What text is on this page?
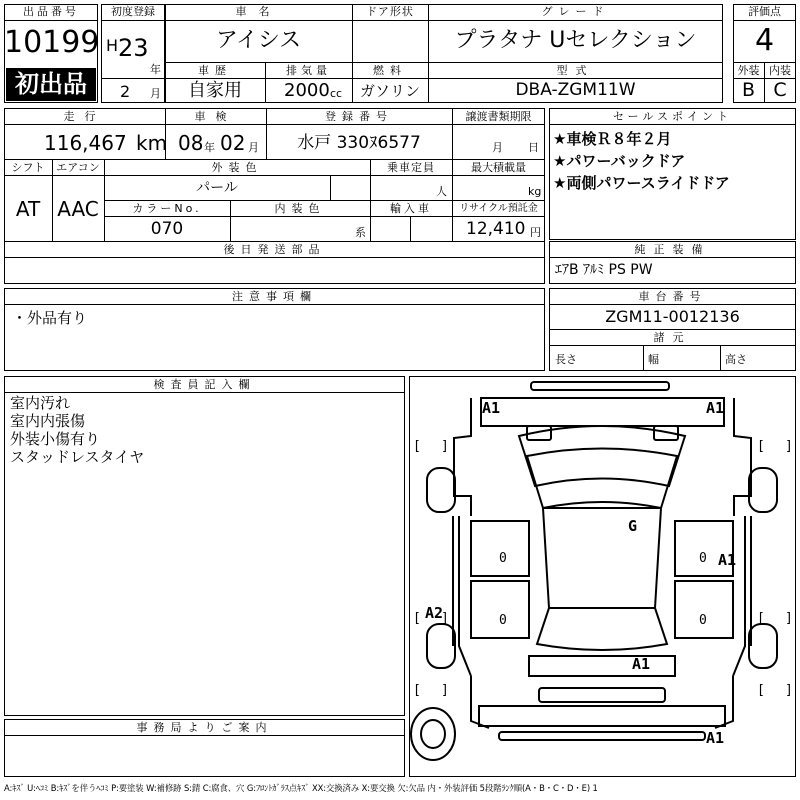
出品番号
10199
初出品
初度登録
H 23
年
2 月
車名
アイシス
ドア形状	グレード
プラタナ Uセレクション
車歴
自家用
排気量
2000 cc
燃料
ガソリン
型式
DBA-ZGM11W
評価点
4
外装 内装
B C
走行
116,467 km
車検
08 年 02 月
登録番号
水戸 330ﾇ6577
譲渡書類期限
月 日
シフト
AT
エアコン
AAC
外装色
パール
乗車定員
人
最大積載量
kg
カラーNo.
070
内装色
系
輸入車	リサイクル預託金
12,410 円
後日発送部品
セールスポイント
★車検Ｒ８年２月
★パワーバックドア
★両側パワースライドドア
純正装備
ｴｱB ｱﾙﾐ PS PW
注意事項欄
・外品有り
車台番号
ZGM11-0012136
諸元
長さ	幅	高さ
検査員記入欄
室内汚れ
室内内張傷
外装小傷有り
スタッドレスタイヤ
事務局よりご案内
[ ]	[ ]
[ ]	[ ]
0	0
0	0
[ ]	[ ]
A1	A1
G
A1
A2
A1
A1
A:ｷｽﾞ U:ﾍｺﾐ B:ｷｽﾞを伴うﾍｺﾐ P:要塗装 W:補修跡 S:錆 C:腐食、穴 G:ﾌﾛﾝﾄｶﾞﾗｽ点ｷｽﾞ XX:交換済み X:要交換 欠:欠品 内・外装評価 5段階ﾗﾝｸ順(A・B・C・D・E) 1
